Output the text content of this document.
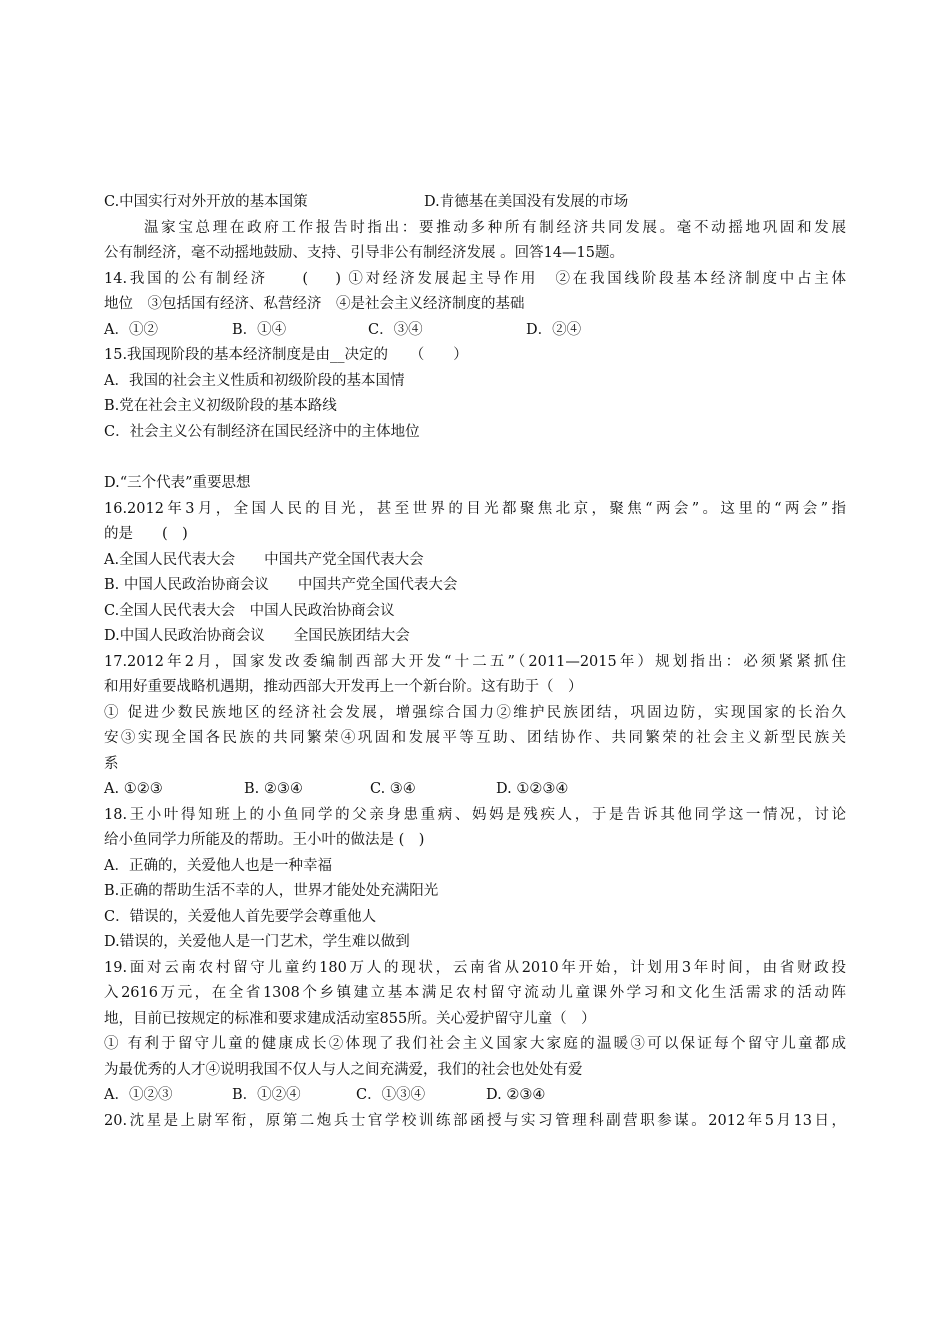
C.中国实行对外开放的基本国策	D.肯德基在美国没有发展的市场
温家宝总理在政府工作报告时指出：要推动多种所有制经济共同发展。毫不动摇地巩固和发展
公有制经济，毫不动摇地鼓励、支持、引导非公有制经济发展 。回答14—15题。
14.我国的公有制经济　　(　 ) ①对经济发展起主导作用　②在我国线阶段基本经济制度中占主体
地位　③包括国有经济、私营经济　④是社会主义经济制度的基础
A．①②	B．①④	C．③④	D．②④
15.我国现阶段的基本经济制度是由__决定的　　（　　）
A．我国的社会主义性质和初级阶段的基本国情
B.党在社会主义初级阶段的基本路线
C．社会主义公有制经济在国民经济中的主体地位
D.“三个代表”重要思想
16.2012年3月，全国人民的目光，甚至世界的目光都聚焦北京，聚焦“两会”。这里的“两会”指
的是　　(　)
A.全国人民代表大会　　中国共产党全国代表大会
B. 中国人民政治协商会议　　中国共产党全国代表大会
C.全国人民代表大会　中国人民政治协商会议
D.中国人民政治协商会议　　全国民族团结大会
17.2012年2月，国家发改委编制西部大开发“十二五”（2011—2015年）规划指出：必须紧紧抓住
和用好重要战略机遇期，推动西部大开发再上一个新台阶。这有助于（　）
① 促进少数民族地区的经济社会发展，增强综合国力②维护民族团结，巩固边防，实现国家的长治久
安③实现全国各民族的共同繁荣④巩固和发展平等互助、团结协作、共同繁荣的社会主义新型民族关
系
A. ①②③	B. ②③④	C. ③④	D. ①②③④
18.王小叶得知班上的小鱼同学的父亲身患重病、妈妈是残疾人，于是告诉其他同学这一情况，讨论
给小鱼同学力所能及的帮助。王小叶的做法是 (　)
A．正确的，关爱他人也是一种幸福
B.正确的帮助生活不幸的人，世界才能处处充满阳光
C．错误的，关爱他人首先要学会尊重他人
D.错误的，关爱他人是一门艺术，学生难以做到
19.面对云南农村留守儿童约180万人的现状，云南省从2010年开始，计划用3年时间，由省财政投
入2616万元，在全省1308个乡镇建立基本满足农村留守流动儿童课外学习和文化生活需求的活动阵
地，目前已按规定的标准和要求建成活动室855所。关心爱护留守儿童（　）
① 有利于留守儿童的健康成长②体现了我们社会主义国家大家庭的温暖③可以保证每个留守儿童都成
为最优秀的人才④说明我国不仅人与人之间充满爱，我们的社会也处处有爱
A．①②③	B．①②④	C．①③④	D. ②③④
20.沈星是上尉军衔，原第二炮兵士官学校训练部函授与实习管理科副营职参谋。2012年5月13日，
